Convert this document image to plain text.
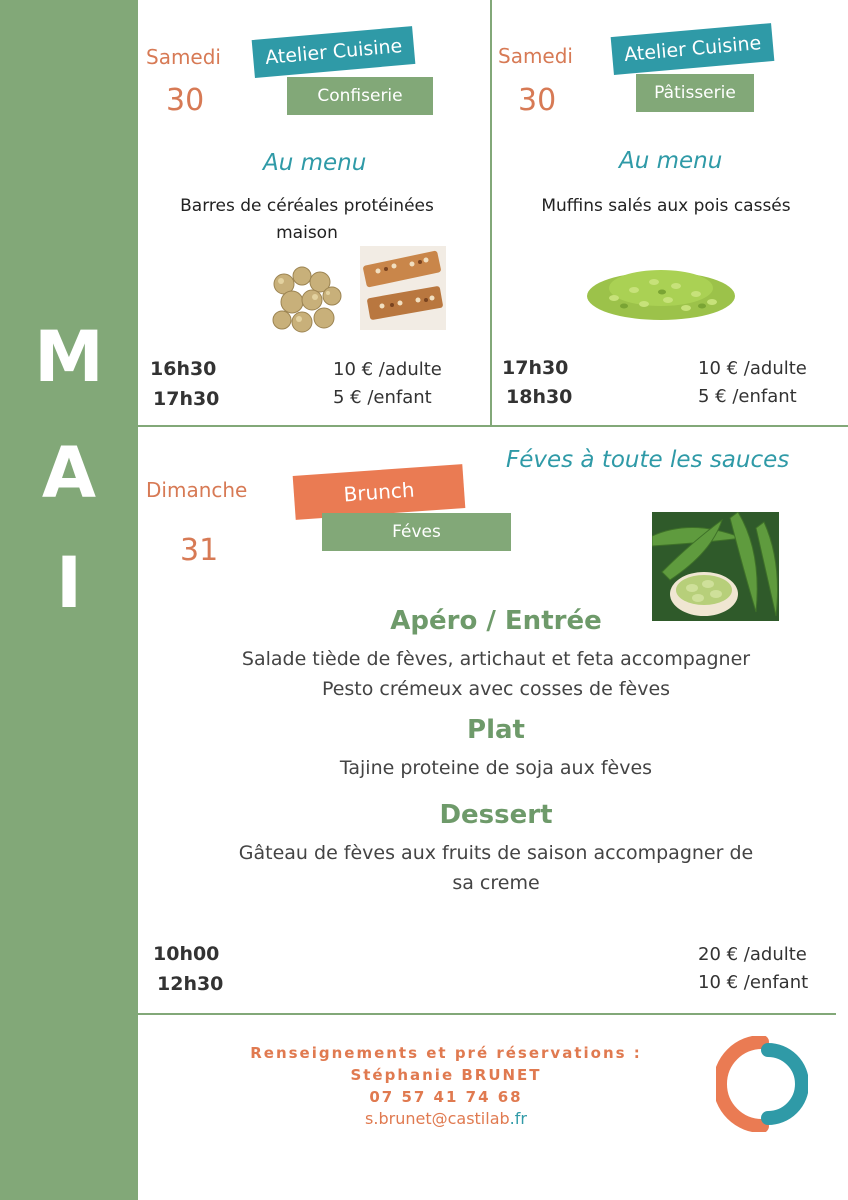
M
A
I
Samedi
30
Atelier Cuisine
Confiserie
Au menu
Barres de céréales protéinées
maison
16h30
17h30
10 € /adulte
5 € /enfant
Samedi
30
Atelier Cuisine
Pâtisserie
Au menu
Muffins salés aux pois cassés
17h30
18h30
10 € /adulte
5 € /enfant
Féves à toute les sauces
Dimanche
31
Brunch
Féves
Apéro / Entrée
Salade tiède de fèves, artichaut et feta accompagner
Pesto crémeux avec cosses de fèves
Plat
Tajine proteine de soja aux fèves
Dessert
Gâteau de fèves aux fruits de saison accompagner de
sa creme
10h00
12h30
20 € /adulte
10 € /enfant
Renseignements et pré réservations :
Stéphanie BRUNET
07 57 41 74 68
s.brunet@castilab.fr
